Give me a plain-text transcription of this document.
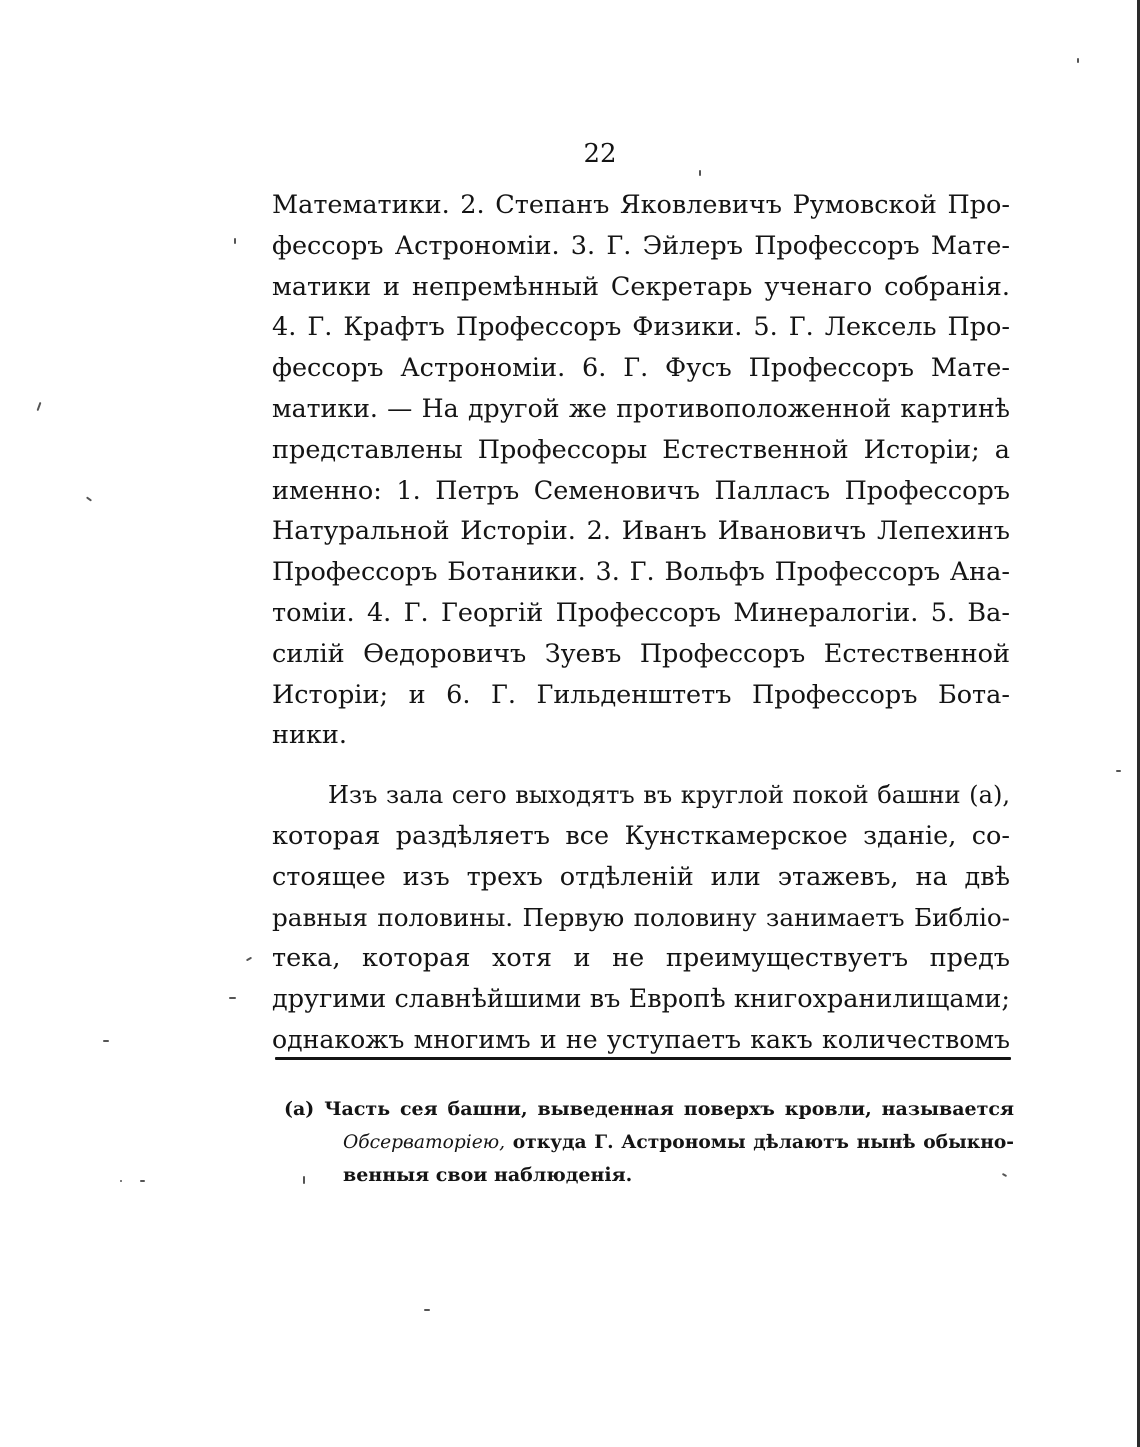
22
Математики. 2. Степанъ Яковлевичъ Румовской Про-
фессоръ Астрономіи. 3. Г. Эйлеръ Профессоръ Мате-
матики и непремѣнный Секретарь ученаго собранія.
4. Г. Крафтъ Профессоръ Физики. 5. Г. Лексель Про-
фессоръ Астрономіи. 6. Г. Фусъ Профессоръ Мате-
матики. — На другой же противоположенной картинѣ
представлены Профессоры Естественной Исторіи; а
именно: 1. Петръ Семеновичъ Палласъ Профессоръ
Натуральной Исторіи. 2. Иванъ Ивановичъ Лепехинъ
Профессоръ Ботаники. 3. Г. Вольфъ Профессоръ Ана-
томіи. 4. Г. Георгій Профессоръ Минералогіи. 5. Ва-
силій Ѳедоровичъ Зуевъ Профессоръ Естественной
Исторіи; и 6. Г. Гильденштетъ Профессоръ Бота-
ники.
Изъ зала сего выходятъ въ круглой покой башни (а),
которая раздѣляетъ все Кунсткамерское зданіе, со-
стоящее изъ трехъ отдѣленій или этажевъ, на двѣ
равныя половины. Первую половину занимаетъ Библіо-
тека, которая хотя и не преимуществуетъ предъ
другими славнѣйшими въ Европѣ книгохранилищами;
однакожъ многимъ и не уступаетъ какъ количествомъ
(а) Часть сея башни, выведенная поверхъ кровли, называется
Обсерваторіею, откуда Г. Астрономы дѣлаютъ нынѣ обыкно-
венныя свои наблюденія.
